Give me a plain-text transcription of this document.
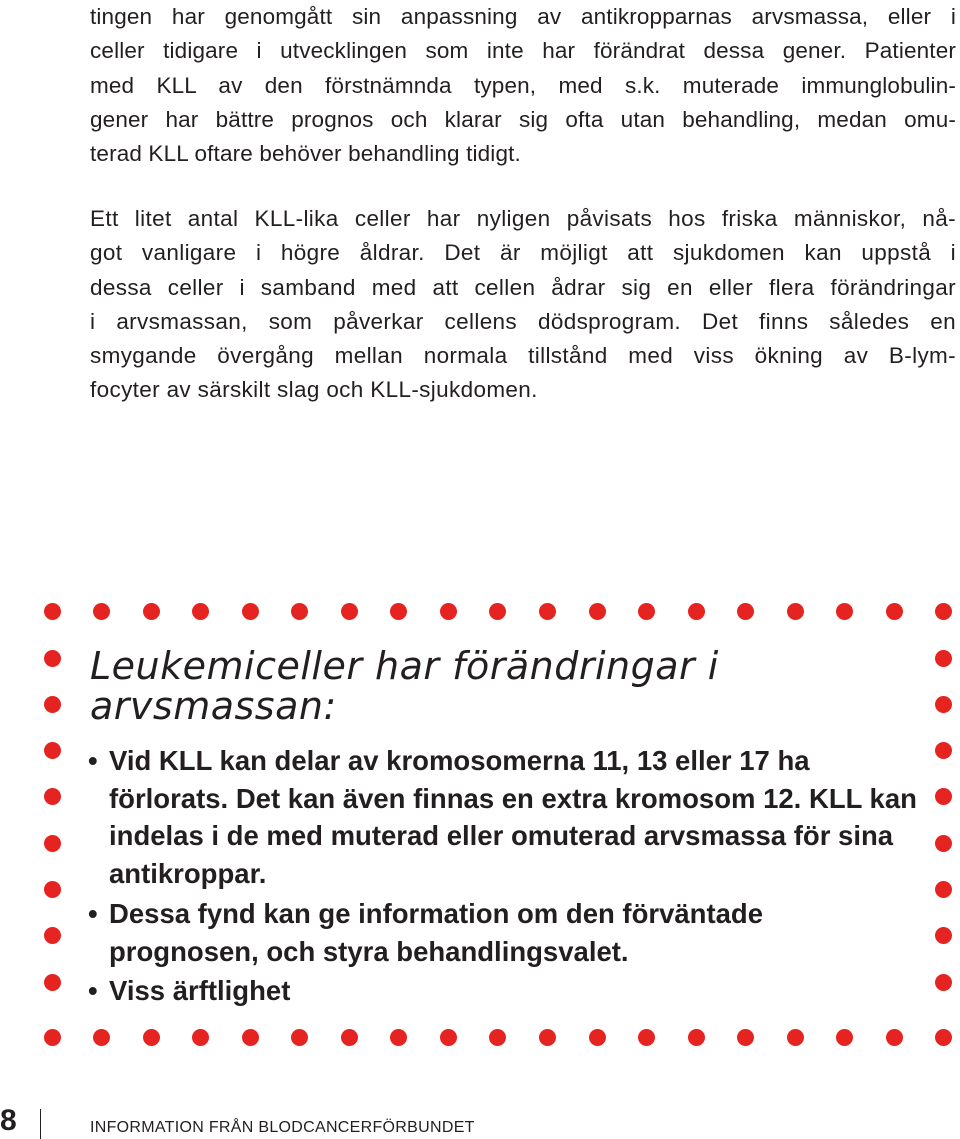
tingen har genomgått sin anpassning av antikropparnas arvsmassa, eller i
celler tidigare i utvecklingen som inte har förändrat dessa gener. Patienter
med KLL av den förstnämnda typen, med s.k. muterade immunglobulin-
gener har bättre prognos och klarar sig ofta utan behandling, medan omu-
terad KLL oftare behöver behandling tidigt.
Ett litet antal KLL-lika celler har nyligen påvisats hos friska människor, nå-
got vanligare i högre åldrar. Det är möjligt att sjukdomen kan uppstå i
dessa celler i samband med att cellen ådrar sig en eller flera förändringar
i arvsmassan, som påverkar cellens dödsprogram. Det finns således en
smygande övergång mellan normala tillstånd med viss ökning av B-lym-
focyter av särskilt slag och KLL-sjukdomen.
Leukemiceller har förändringar i
arvsmassan:
• Vid KLL kan delar av kromosomerna 11, 13 eller 17 ha förlorats. Det kan även finnas en extra kromosom 12. KLL kan indelas i de med muterad eller omuterad arvsmassa för sina antikroppar.
• Dessa fynd kan ge information om den förväntade prognosen, och styra behandlingsvalet.
• Viss ärftlighet
8	INFORMATION FRÅN BLODCANCERFÖRBUNDET
